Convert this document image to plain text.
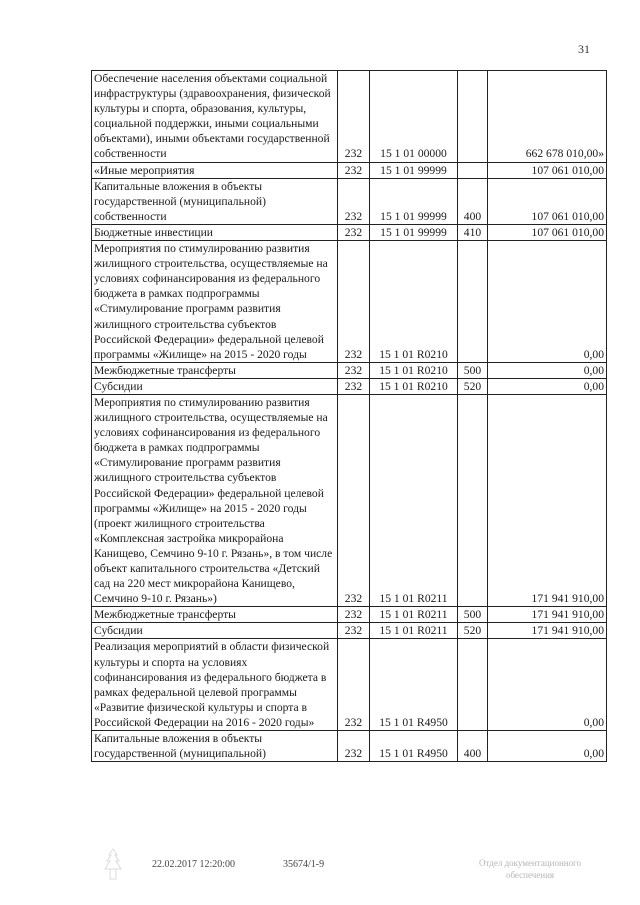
31
Обеспечение населения объектами социальной инфраструктуры (здравоохранения, физической культуры и спорта, образования, культуры, социальной поддержки, иными социальными объектами), иными объектами государственной собственности	232	15 1 01 00000		662 678 010,00»
«Иные мероприятия	232	15 1 01 99999		107 061 010,00
Капитальные вложения в объекты государственной (муниципальной) собственности	232	15 1 01 99999	400	107 061 010,00
Бюджетные инвестиции	232	15 1 01 99999	410	107 061 010,00
Мероприятия по стимулированию развития жилищного строительства, осуществляемые на условиях софинансирования из федерального бюджета в рамках подпрограммы «Стимулирование программ развития жилищного строительства субъектов Российской Федерации» федеральной целевой программы «Жилище» на 2015 - 2020 годы	232	15 1 01 R0210		0,00
Межбюджетные трансферты	232	15 1 01 R0210	500	0,00
Субсидии	232	15 1 01 R0210	520	0,00
Мероприятия по стимулированию развития жилищного строительства, осуществляемые на условиях софинансирования из федерального бюджета в рамках подпрограммы «Стимулирование программ развития жилищного строительства субъектов Российской Федерации» федеральной целевой программы «Жилище» на 2015 - 2020 годы (проект жилищного строительства «Комплексная застройка микрорайона Канищево, Семчино 9-10 г. Рязань», в том числе объект капитального строительства «Детский сад на 220 мест микрорайона Канищево, Семчино 9-10 г. Рязань»)	232	15 1 01 R0211		171 941 910,00
Межбюджетные трансферты	232	15 1 01 R0211	500	171 941 910,00
Субсидии	232	15 1 01 R0211	520	171 941 910,00
Реализация мероприятий в области физической культуры и спорта на условиях софинансирования из федерального бюджета в рамках федеральной целевой программы «Развитие физической культуры и спорта в Российской Федерации на 2016 - 2020 годы»	232	15 1 01 R4950		0,00
Капитальные вложения в объекты государственной (муниципальной)	232	15 1 01 R4950	400	0,00
22.02.2017 12:20:00	35674/1-9	Отдел документационного
обеспечения
